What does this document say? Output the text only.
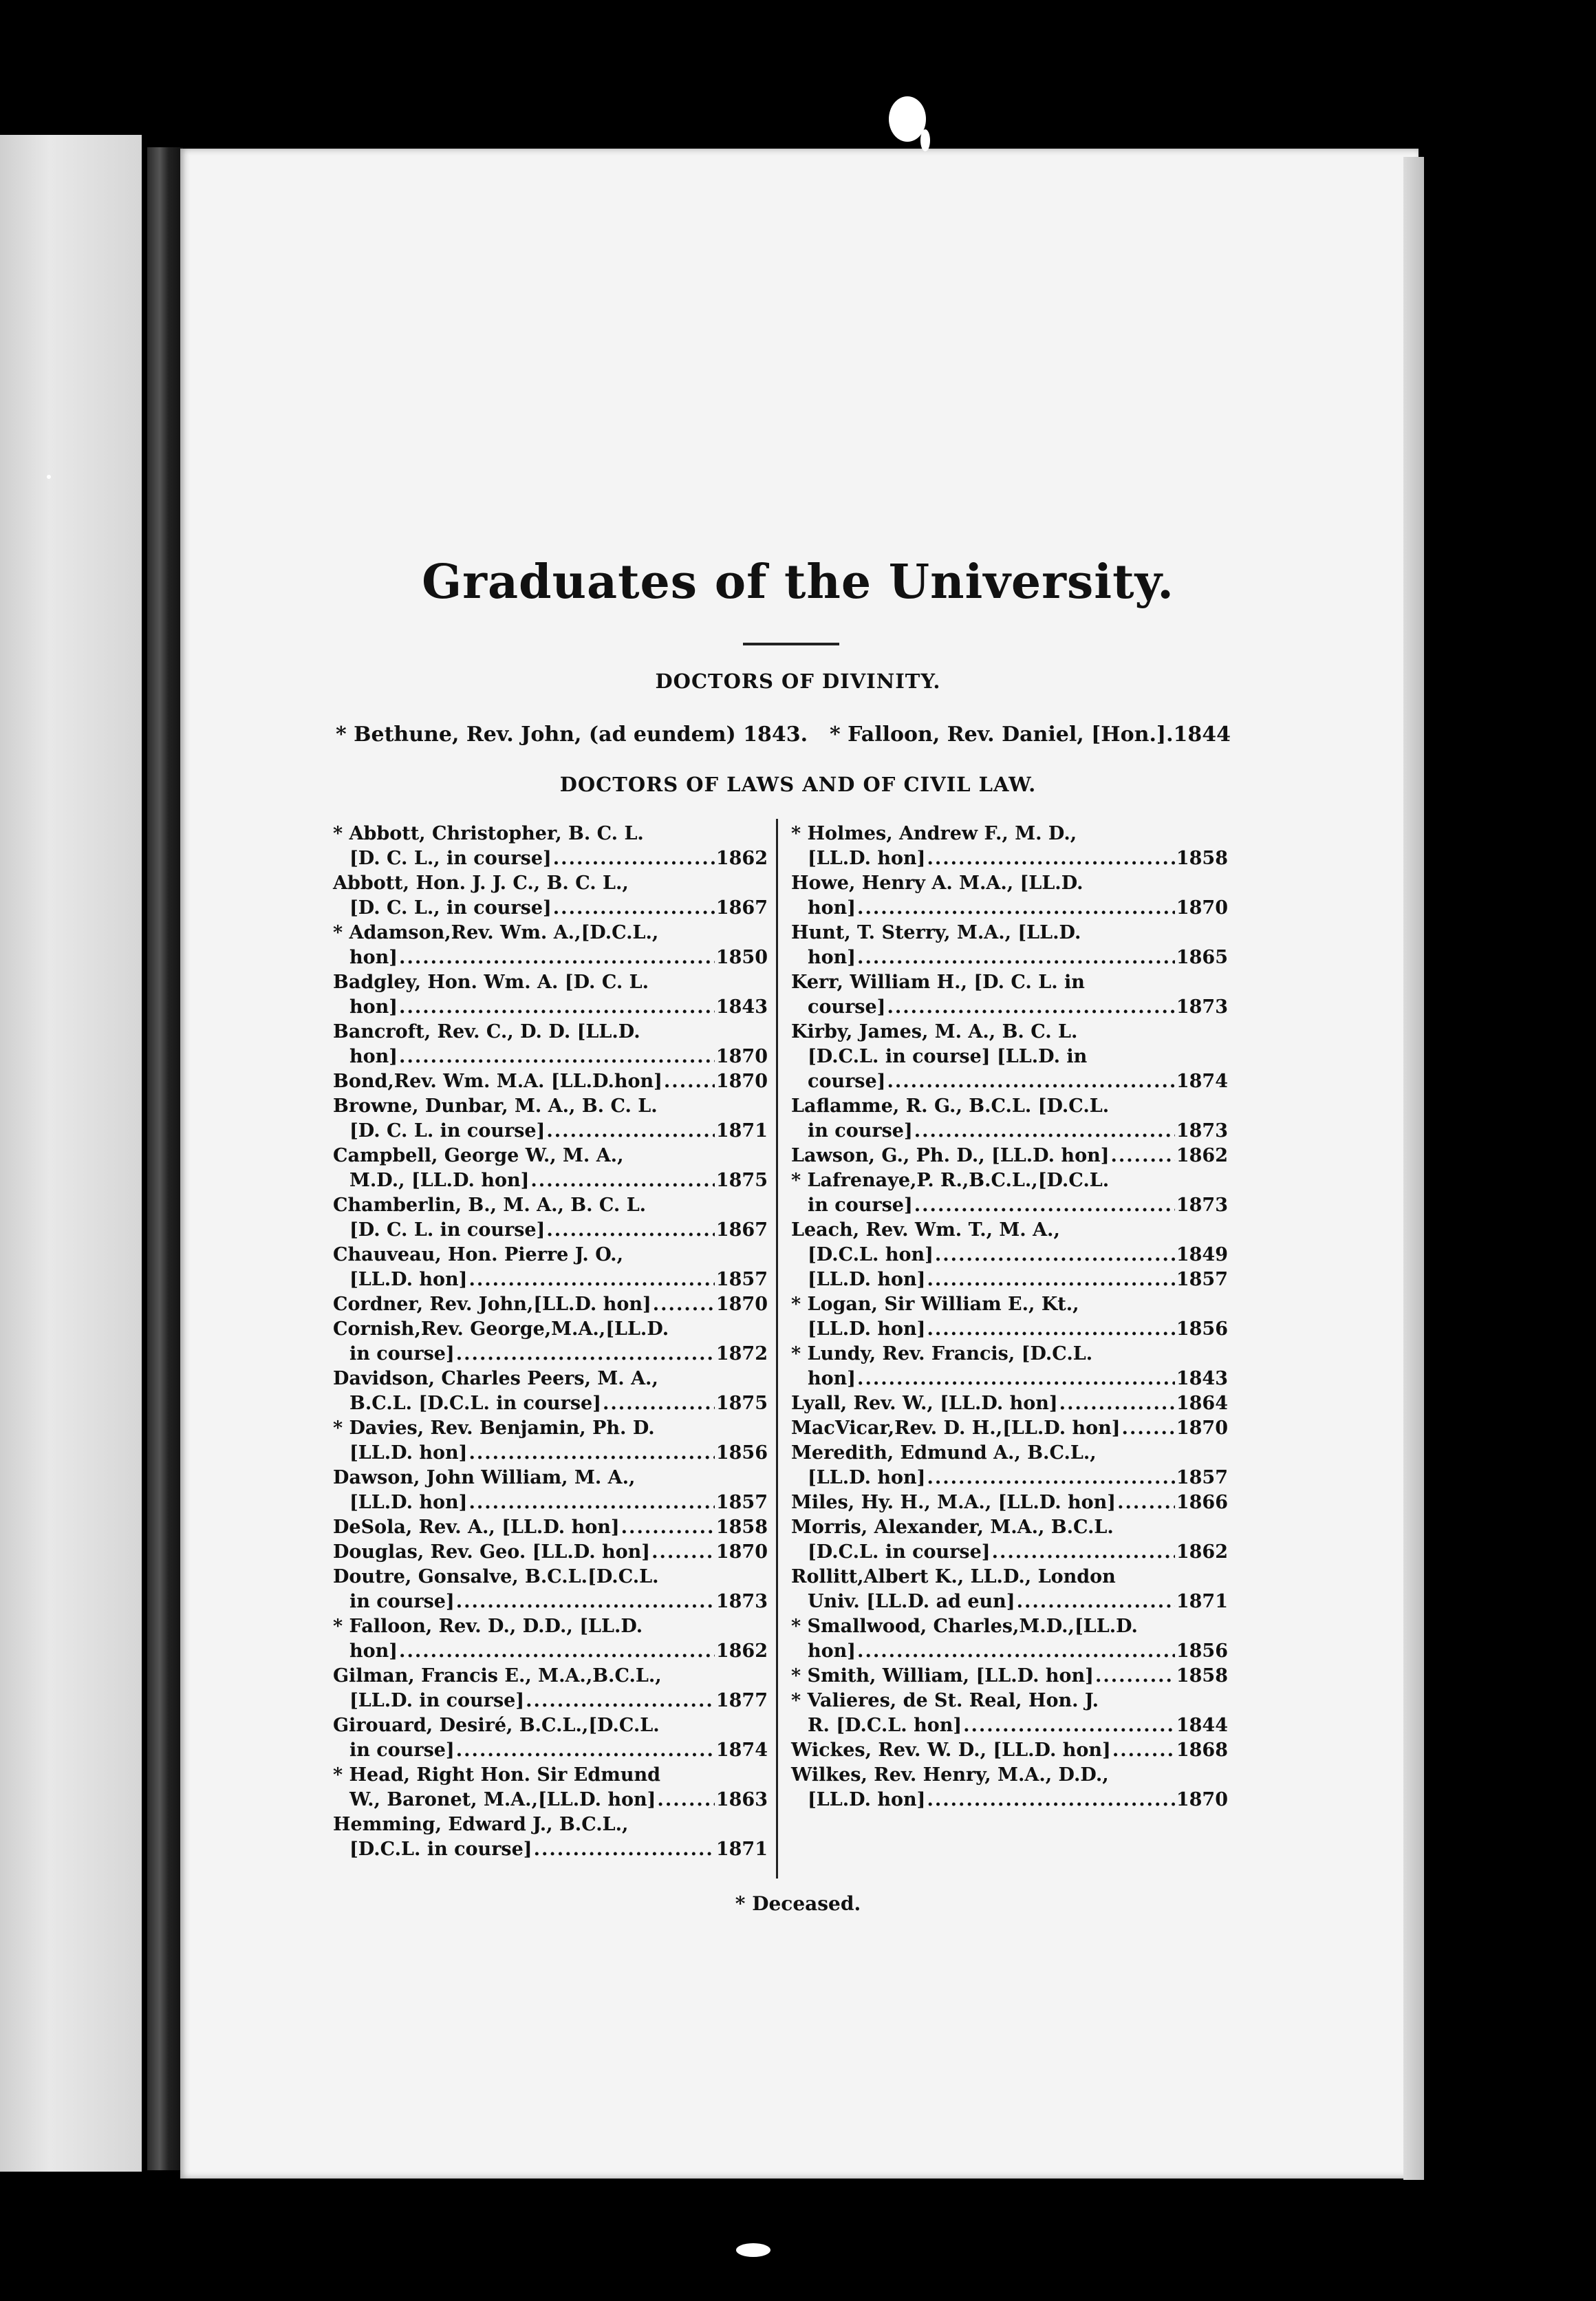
Graduates of the University.
DOCTORS OF DIVINITY.
* Bethune, Rev. John, (ad eundem) 1843. * Falloon, Rev. Daniel, [Hon.].1844
DOCTORS OF LAWS AND OF CIVIL LAW.
* Abbott, Christopher, B. C. L.
[D. C. L., in course] .....	1862
Abbott, Hon. J. J. C., B. C. L.,
[D. C. L., in course] .....	1867
* Adamson,Rev. Wm. A.,[D.C.L.,
hon] .....	1850
Badgley, Hon. Wm. A. [D. C. L.
hon] .....	1843
Bancroft, Rev. C., D. D. [LL.D.
hon] .....	1870
Bond,Rev. Wm. M.A. [LL.D.hon] .....	1870
Browne, Dunbar, M. A., B. C. L.
[D. C. L. in course] .....	1871
Campbell, George W., M. A.,
M.D., [LL.D. hon] .....	1875
Chamberlin, B., M. A., B. C. L.
[D. C. L. in course] .....	1867
Chauveau, Hon. Pierre J. O.,
[LL.D. hon] .....	1857
Cordner, Rev. John,[LL.D. hon] .....	1870
Cornish,Rev. George,M.A.,[LL.D.
in course] .....	1872
Davidson, Charles Peers, M. A.,
B.C.L. [D.C.L. in course] .....	1875
* Davies, Rev. Benjamin, Ph. D.
[LL.D. hon] .....	1856
Dawson, John William, M. A.,
[LL.D. hon] .....	1857
DeSola, Rev. A., [LL.D. hon] .....	1858
Douglas, Rev. Geo. [LL.D. hon] .....	1870
Doutre, Gonsalve, B.C.L.[D.C.L.
in course] .....	1873
* Falloon, Rev. D., D.D., [LL.D.
hon] .....	1862
Gilman, Francis E., M.A.,B.C.L.,
[LL.D. in course] .....	1877
Girouard, Desiré, B.C.L.,[D.C.L.
in course] .....	1874
* Head, Right Hon. Sir Edmund
W., Baronet, M.A.,[LL.D. hon] .....	1863
Hemming, Edward J., B.C.L.,
[D.C.L. in course] .....	1871
* Holmes, Andrew F., M. D.,
[LL.D. hon] .....	1858
Howe, Henry A. M.A., [LL.D.
hon] .....	1870
Hunt, T. Sterry, M.A., [LL.D.
hon] .....	1865
Kerr, William H., [D. C. L. in
course] .....	1873
Kirby, James, M. A., B. C. L.
[D.C.L. in course] [LL.D. in
course] .....	1874
Laflamme, R. G., B.C.L. [D.C.L.
in course] .....	1873
Lawson, G., Ph. D., [LL.D. hon] .....	1862
* Lafrenaye,P. R.,B.C.L.,[D.C.L.
in course] .....	1873
Leach, Rev. Wm. T., M. A.,
[D.C.L. hon] .....	1849
[LL.D. hon] .....	1857
* Logan, Sir William E., Kt.,
[LL.D. hon] .....	1856
* Lundy, Rev. Francis, [D.C.L.
hon] .....	1843
Lyall, Rev. W., [LL.D. hon] .....	1864
MacVicar,Rev. D. H.,[LL.D. hon] .....	1870
Meredith, Edmund A., B.C.L.,
[LL.D. hon] .....	1857
Miles, Hy. H., M.A., [LL.D. hon] .....	1866
Morris, Alexander, M.A., B.C.L.
[D.C.L. in course] .....	1862
Rollitt,Albert K., LL.D., London
Univ. [LL.D. ad eun] .....	1871
* Smallwood, Charles,M.D.,[LL.D.
hon] .....	1856
* Smith, William, [LL.D. hon] .....	1858
* Valieres, de St. Real, Hon. J.
R. [D.C.L. hon] .....	1844
Wickes, Rev. W. D., [LL.D. hon] .....	1868
Wilkes, Rev. Henry, M.A., D.D.,
[LL.D. hon] .....	1870
* Deceased.
